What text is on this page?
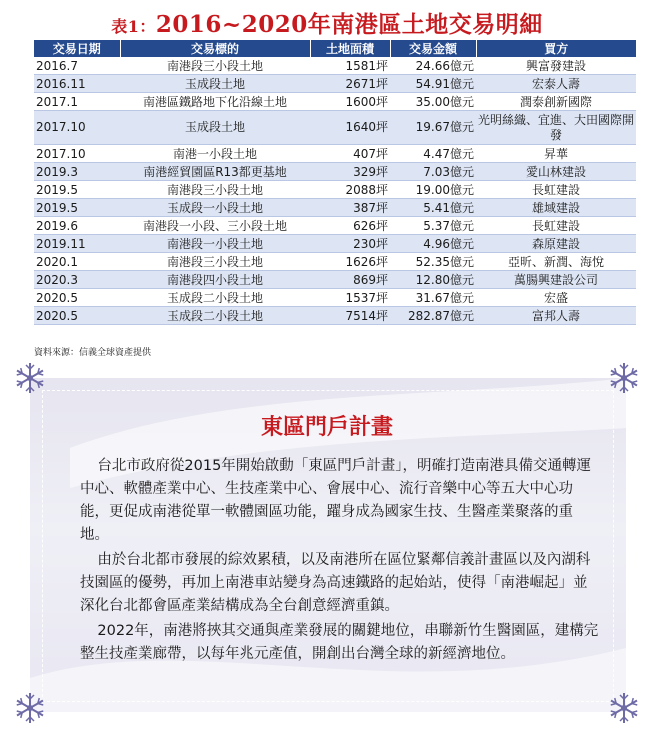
表1：2016~2020年南港區土地交易明細
交易日期	交易標的	土地面積	交易金額	買方
2016.7	南港段三小段土地	1581坪	24.66億元	興富發建設
2016.11	玉成段土地	2671坪	54.91億元	宏泰人壽
2017.1	南港區鐵路地下化沿線土地	1600坪	35.00億元	潤泰創新國際
2017.10	玉成段土地	1640坪	19.67億元	光明絲織、宜進、大田國際開發
2017.10	南港一小段土地	407坪	4.47億元	昇華
2019.3	南港經貿園區R13都更基地	329坪	7.03億元	愛山林建設
2019.5	南港段三小段土地	2088坪	19.00億元	長虹建設
2019.5	玉成段一小段土地	387坪	5.41億元	雄域建設
2019.6	南港段一小段、三小段土地	626坪	5.37億元	長虹建設
2019.11	南港段一小段土地	230坪	4.96億元	森原建設
2020.1	南港段三小段土地	1626坪	52.35億元	亞昕、新潤、海悅
2020.3	南港段四小段土地	869坪	12.80億元	萬腸興建設公司
2020.5	玉成段二小段土地	1537坪	31.67億元	宏盛
2020.5	玉成段二小段土地	7514坪	282.87億元	富邦人壽
資料來源：信義全球資產提供
東區門戶計畫

台北市政府從2015年開始啟動「東區門戶計畫」，明確打造南港具備交通轉運中心、軟體產業中心、生技產業中心、會展中心、流行音樂中心等五大中心功能，更促成南港從單一軟體園區功能，躍身成為國家生技、生醫產業聚落的重地。

由於台北都市發展的綜效累積，以及南港所在區位緊鄰信義計畫區以及內湖科技園區的優勢，再加上南港車站變身為高速鐵路的起始站，使得「南港崛起」並深化台北都會區產業結構成為全台創意經濟重鎮。

2022年，南港將挾其交通與產業發展的關鍵地位，串聯新竹生醫園區，建構完整生技產業廊帶，以每年兆元產值，開創出台灣全球的新經濟地位。
